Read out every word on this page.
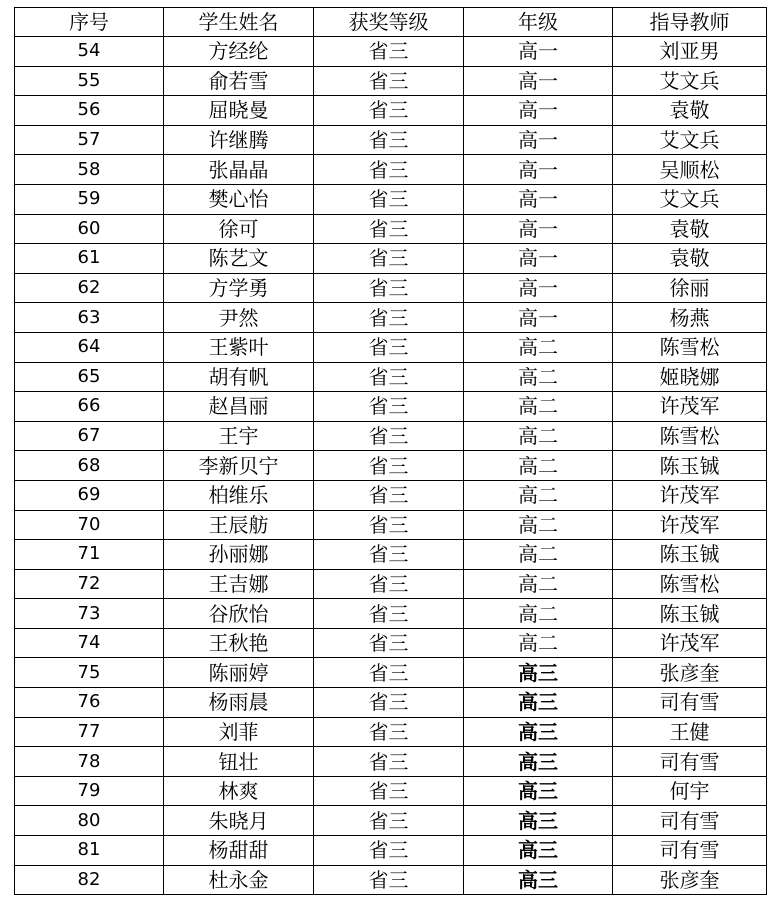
序号	学生姓名	获奖等级	年级	指导教师
54	方经纶	省三	高一	刘亚男
55	俞若雪	省三	高一	艾文兵
56	屈晓曼	省三	高一	袁敬
57	许继腾	省三	高一	艾文兵
58	张晶晶	省三	高一	吴顺松
59	樊心怡	省三	高一	艾文兵
60	徐可	省三	高一	袁敬
61	陈艺文	省三	高一	袁敬
62	方学勇	省三	高一	徐丽
63	尹然	省三	高一	杨燕
64	王紫叶	省三	高二	陈雪松
65	胡有帆	省三	高二	姬晓娜
66	赵昌丽	省三	高二	许茂军
67	王宇	省三	高二	陈雪松
68	李新贝宁	省三	高二	陈玉铖
69	柏维乐	省三	高二	许茂军
70	王辰舫	省三	高二	许茂军
71	孙丽娜	省三	高二	陈玉铖
72	王吉娜	省三	高二	陈雪松
73	谷欣怡	省三	高二	陈玉铖
74	王秋艳	省三	高二	许茂军
75	陈丽婷	省三	高三	张彦奎
76	杨雨晨	省三	高三	司有雪
77	刘菲	省三	高三	王健
78	钮壮	省三	高三	司有雪
79	林爽	省三	高三	何宇
80	朱晓月	省三	高三	司有雪
81	杨甜甜	省三	高三	司有雪
82	杜永金	省三	高三	张彦奎
